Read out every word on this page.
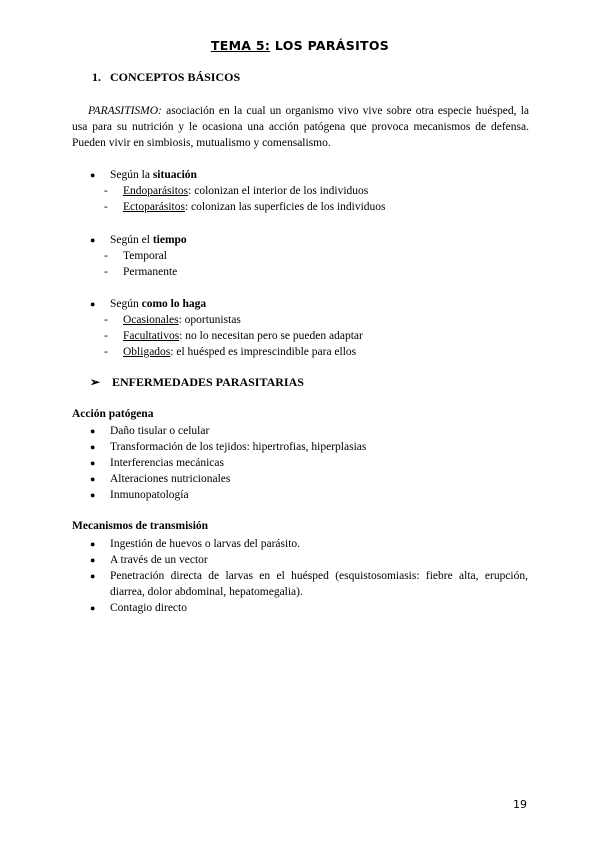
TEMA 5: LOS PARÁSITOS
1. CONCEPTOS BÁSICOS
PARASITISMO: asociación en la cual un organismo vivo vive sobre otra especie huésped, la usa para su nutrición y le ocasiona una acción patógena que provoca mecanismos de defensa. Pueden vivir en simbiosis, mutualismo y comensalismo.
● Según la situación
- Endoparásitos: colonizan el interior de los individuos
- Ectoparásitos: colonizan las superficies de los individuos
● Según el tiempo
- Temporal
- Permanente
● Según como lo haga
- Ocasionales: oportunistas
- Facultativos: no lo necesitan pero se pueden adaptar
- Obligados: el huésped es imprescindible para ellos
➢ ENFERMEDADES PARASITARIAS
Acción patógena
● Daño tisular o celular
● Transformación de los tejidos: hipertrofias, hiperplasias
● Interferencias mecánicas
● Alteraciones nutricionales
● Inmunopatología
Mecanismos de transmisión
● Ingestión de huevos o larvas del parásito.
● A través de un vector
● Penetración directa de larvas en el huésped (esquistosomiasis: fiebre alta, erupción, diarrea, dolor abdominal, hepatomegalia).
● Contagio directo
19
